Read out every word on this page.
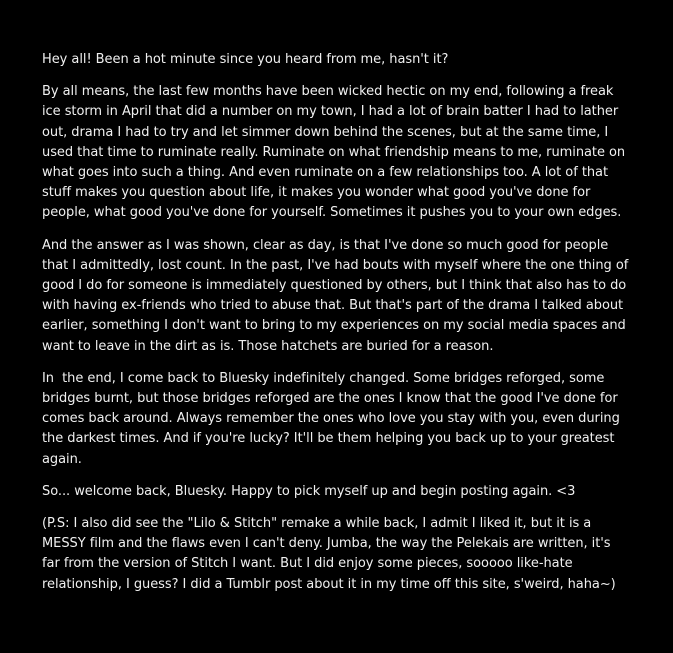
Hey all! Been a hot minute since you heard from me, hasn't it?

By all means, the last few months have been wicked hectic on my end, following a freak ice storm in April that did a number on my town, I had a lot of brain batter I had to lather out, drama I had to try and let simmer down behind the scenes, but at the same time, I used that time to ruminate really. Ruminate on what friendship means to me, ruminate on what goes into such a thing. And even ruminate on a few relationships too. A lot of that stuff makes you question about life, it makes you wonder what good you've done for people, what good you've done for yourself. Sometimes it pushes you to your own edges.

And the answer as I was shown, clear as day, is that I've done so much good for people that I admittedly, lost count. In the past, I've had bouts with myself where the one thing of good I do for someone is immediately questioned by others, but I think that also has to do with having ex-friends who tried to abuse that. But that's part of the drama I talked about earlier, something I don't want to bring to my experiences on my social media spaces and want to leave in the dirt as is. Those hatchets are buried for a reason.

In  the end, I come back to Bluesky indefinitely changed. Some bridges reforged, some bridges burnt, but those bridges reforged are the ones I know that the good I've done for comes back around. Always remember the ones who love you stay with you, even during the darkest times. And if you're lucky? It'll be them helping you back up to your greatest again.

So... welcome back, Bluesky. Happy to pick myself up and begin posting again. <3

(P.S: I also did see the "Lilo & Stitch" remake a while back, I admit I liked it, but it is a MESSY film and the flaws even I can't deny. Jumba, the way the Pelekais are written, it's far from the version of Stitch I want. But I did enjoy some pieces, sooooo like-hate relationship, I guess? I did a Tumblr post about it in my time off this site, s'weird, haha~)
